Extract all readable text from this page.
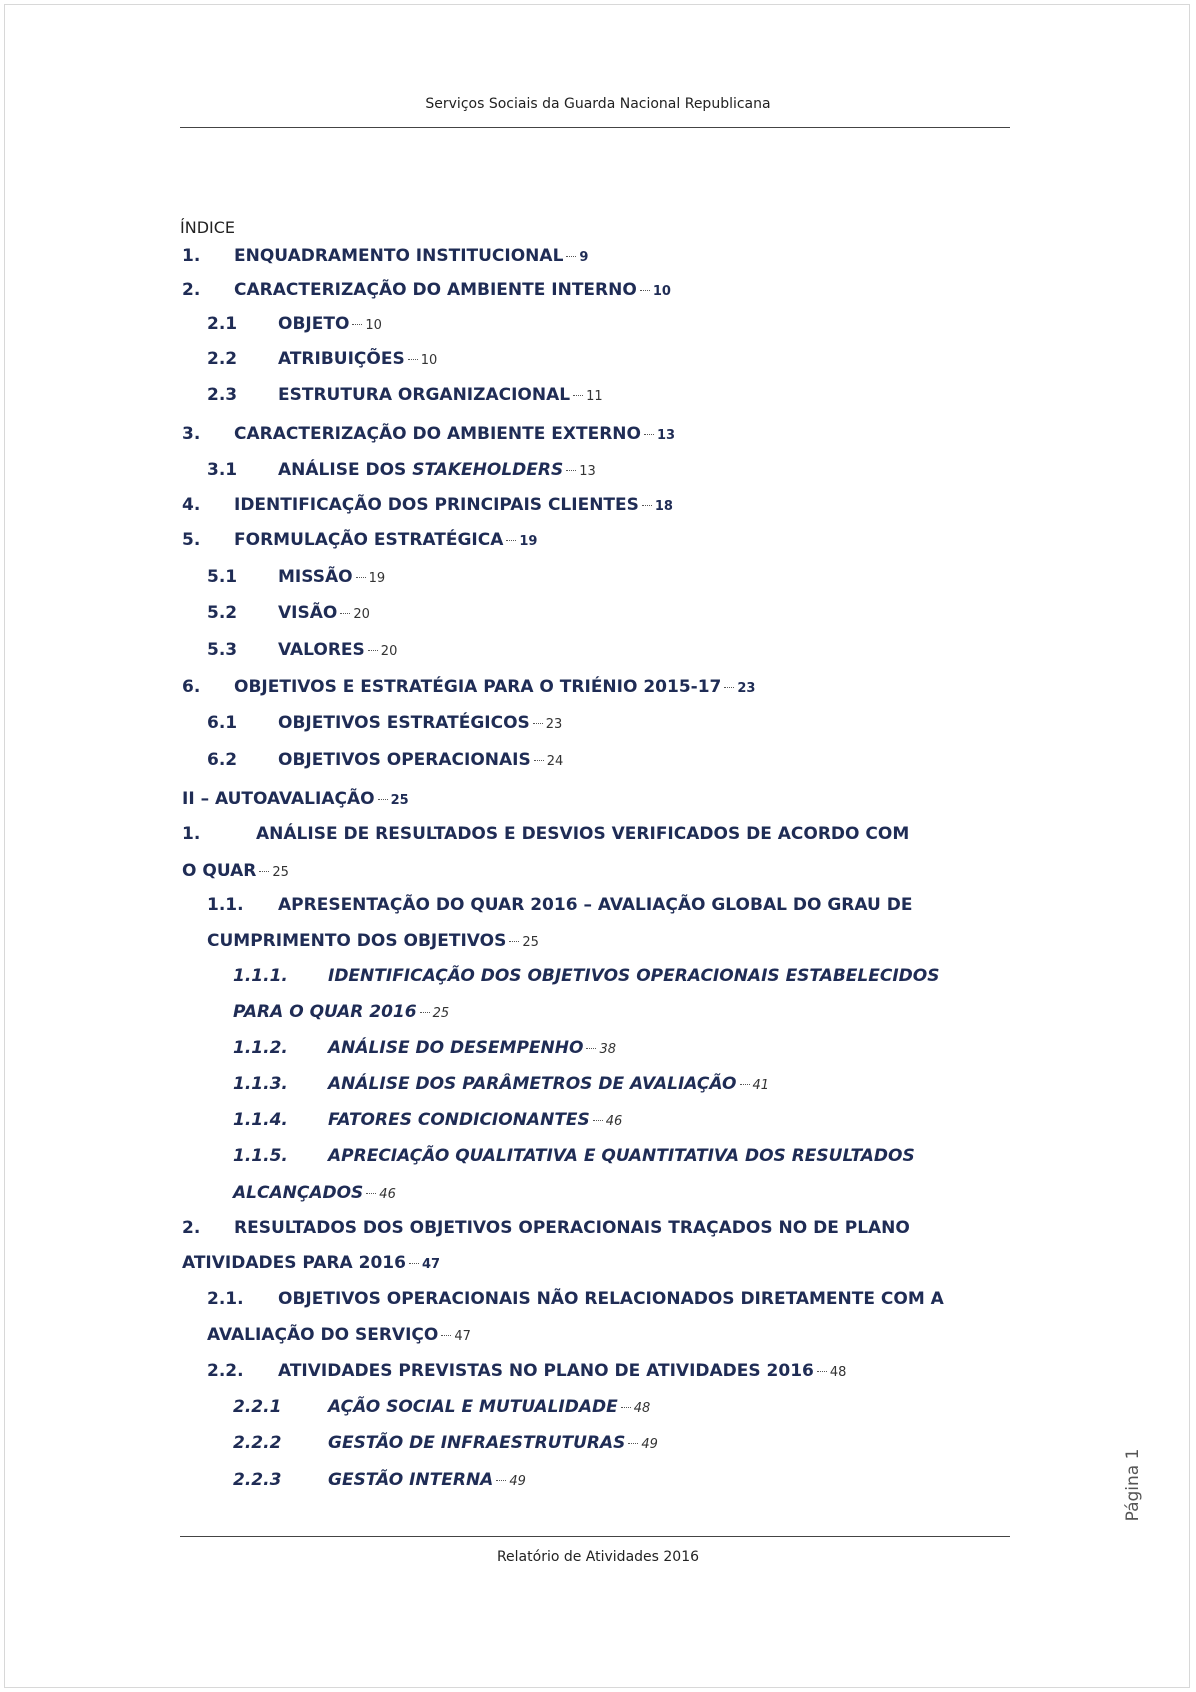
Serviços Sociais da Guarda Nacional Republicana
ÍNDICE
1.	ENQUADRAMENTO INSTITUCIONAL 9
2.	CARACTERIZAÇÃO DO AMBIENTE INTERNO 10
2.1	OBJETO 10
2.2	ATRIBUIÇÕES 10
2.3	ESTRUTURA ORGANIZACIONAL 11
3.	CARACTERIZAÇÃO DO AMBIENTE EXTERNO 13
3.1	ANÁLISE DOS STAKEHOLDERS 13
4.	IDENTIFICAÇÃO DOS PRINCIPAIS CLIENTES 18
5.	FORMULAÇÃO ESTRATÉGICA 19
5.1	MISSÃO 19
5.2	VISÃO 20
5.3	VALORES 20
6.	OBJETIVOS E ESTRATÉGIA PARA O TRIÉNIO 2015-17 23
6.1	OBJETIVOS ESTRATÉGICOS 23
6.2	OBJETIVOS OPERACIONAIS 24
II – AUTOAVALIAÇÃO 25
1.	ANÁLISE DE RESULTADOS E DESVIOS VERIFICADOS DE ACORDO COM
O QUAR 25
1.1. APRESENTAÇÃO DO QUAR 2016 – AVALIAÇÃO GLOBAL DO GRAU DE
CUMPRIMENTO DOS OBJETIVOS 25
1.1.1. IDENTIFICAÇÃO DOS OBJETIVOS OPERACIONAIS ESTABELECIDOS
PARA O QUAR 2016 25
1.1.2.	ANÁLISE DO DESEMPENHO 38
1.1.3.	ANÁLISE DOS PARÂMETROS DE AVALIAÇÃO 41
1.1.4.	FATORES CONDICIONANTES 46
1.1.5. APRECIAÇÃO QUALITATIVA E QUANTITATIVA DOS RESULTADOS
ALCANÇADOS 46
2. RESULTADOS DOS OBJETIVOS OPERACIONAIS TRAÇADOS NO DE PLANO
ATIVIDADES PARA 2016 47
2.1. OBJETIVOS OPERACIONAIS NÃO RELACIONADOS DIRETAMENTE COM A
AVALIAÇÃO DO SERVIÇO 47
2.2.	ATIVIDADES PREVISTAS NO PLANO DE ATIVIDADES 2016 48
2.2.1	AÇÃO SOCIAL E MUTUALIDADE 48
2.2.2	GESTÃO DE INFRAESTRUTURAS 49
2.2.3	GESTÃO INTERNA 49	Página 1
Relatório de Atividades 2016
